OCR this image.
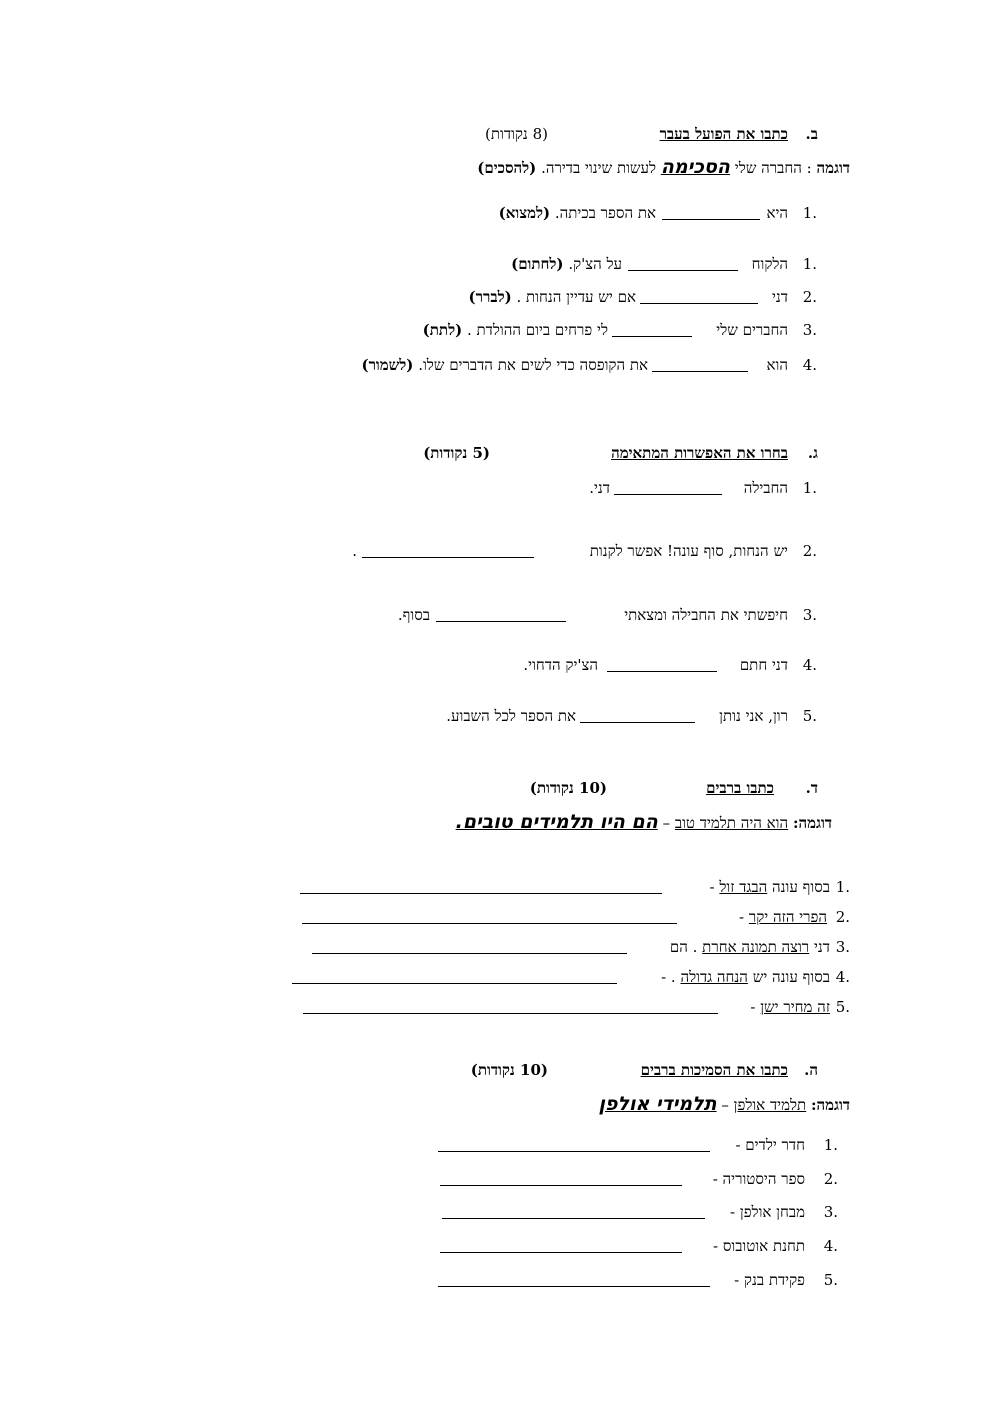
ב.
כתבו את הפועל בעבר
(8 נקודות)
דוגמה : החברה שלי הסכימה לעשות שינוי בדירה. (להסכים)
1.
היא
את הספר בכיתה. (למצוא)
1.
הלקוח
על הצ'ק. (לחתום)
2.
דני
אם יש עדיין הנחות . (לברר)
3.
החברים שלי
לי פרחים ביום ההולדת . (לתת)
4.
הוא
את הקופסה כדי לשים את הדברים שלו. (לשמור)
ג.
בחרו את האפשרות המתאימה
(5 נקודות)
1.
החבילה
דני.
2.
יש הנחות, סוף עונה! אפשר לקנות
.
3.
חיפשתי את החבילה ומצאתי
בסוף.
4.
דני חתם
הצ'יק הדחוי.
5.
רון, אני נותן
את הספר לכל השבוע.
ד.
כתבו ברבים
(10 נקודות)
דוגמה: הוא היה תלמיד טוב – הם היו תלמידים טובים.
1.
בסוף עונה הבגד זול -
2.
הפרי הזה יקר -
3.
דני רוצה תמונה אחרת . הם
4.
בסוף עונה יש הנחה גדולה . -
5.
זה מחיר ישן -
ה.
כתבו את הסמיכות ברבים
(10 נקודות)
דוגמה: תלמיד אולפן – תלמידי אולפן
1.
חדר ילדים -
2.
ספר היסטוריה -
3.
מבחן אולפן -
4.
תחנת אוטובוס -
5.
פקידת בנק -
